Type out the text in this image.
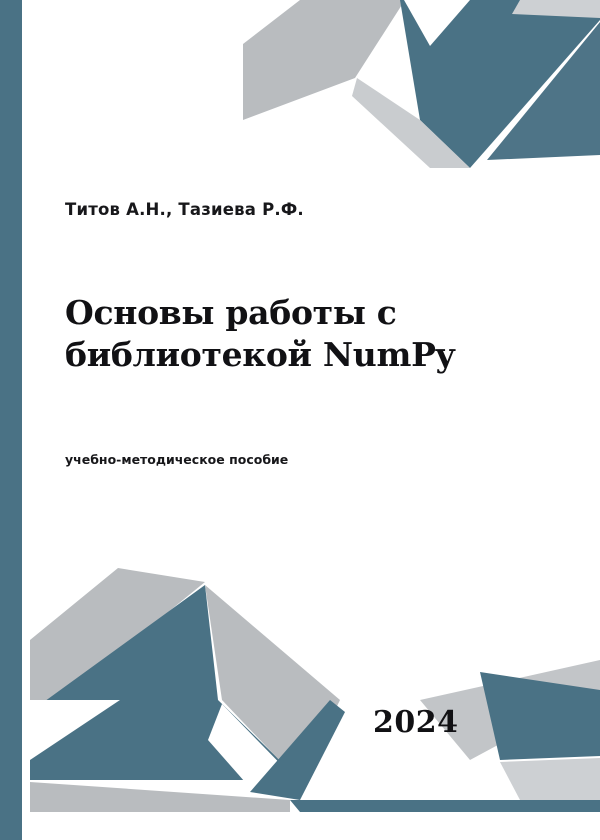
Титов А.Н., Тазиева Р.Ф.
Основы работы с
библиотекой NumPy
учебно-методическое пособие
2024
